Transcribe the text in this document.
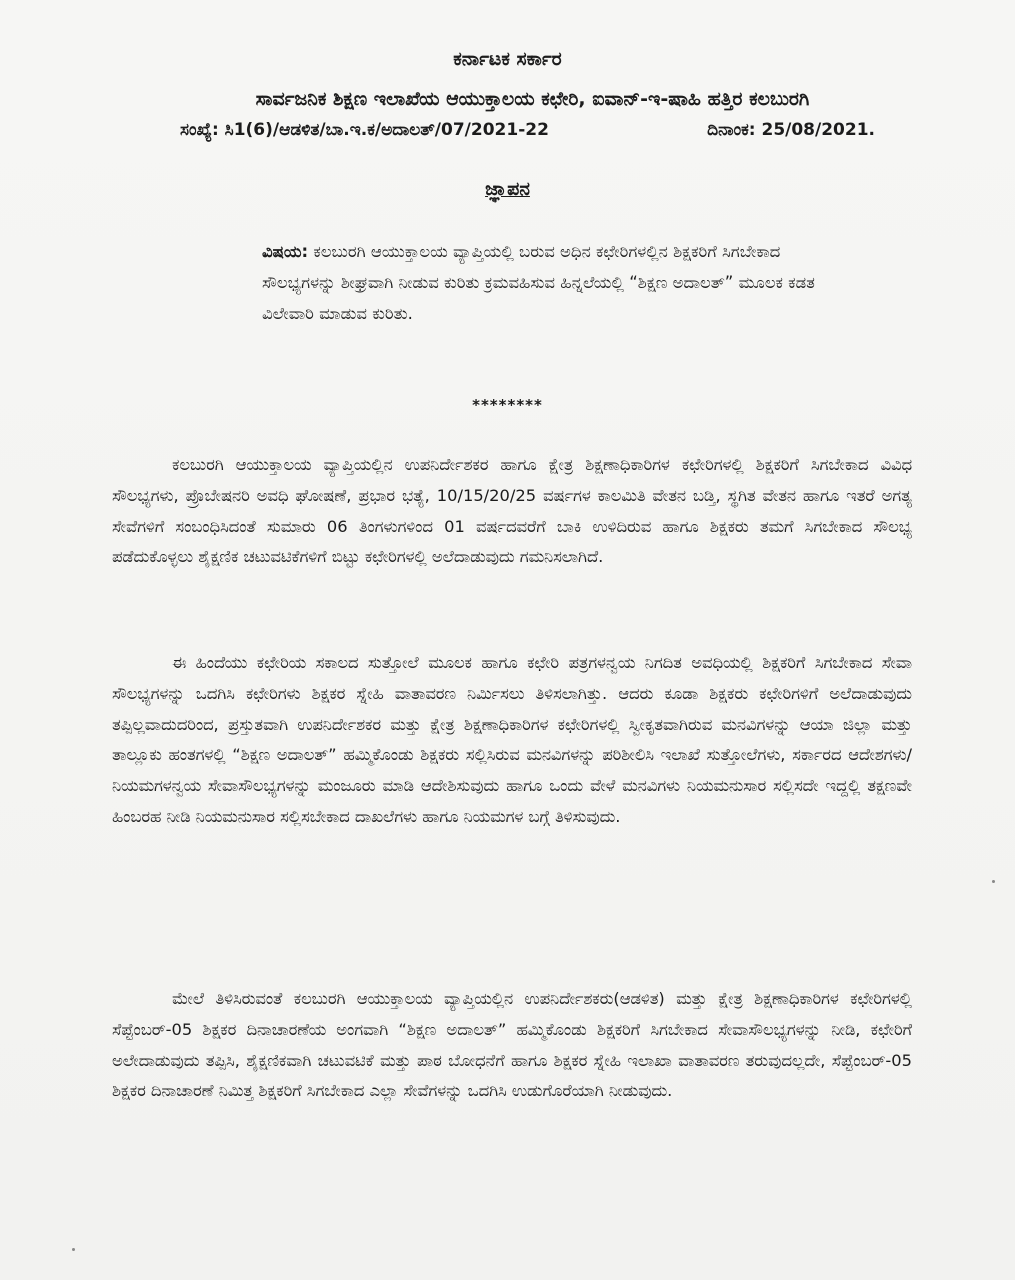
ಕರ್ನಾಟಕ ಸರ್ಕಾರ
ಸಾರ್ವಜನಿಕ ಶಿಕ್ಷಣ ಇಲಾಖೆಯ ಆಯುಕ್ತಾಲಯ ಕಛೇರಿ, ಐವಾನ್-ಇ-ಷಾಹಿ ಹತ್ತಿರ ಕಲಬುರಗಿ
ಸಂಖ್ಯೆ: ಸಿ1(6)/ಆಡಳಿತ/ಬಾ.ಇ.ಕ/ಅದಾಲತ್/07/2021-22	ದಿನಾಂಕ: 25/08/2021.
ಜ್ಞಾಪನ
ವಿಷಯ: ಕಲಬುರಗಿ ಆಯುಕ್ತಾಲಯ ವ್ಯಾಪ್ತಿಯಲ್ಲಿ ಬರುವ ಅಧಿನ ಕಛೇರಿಗಳಲ್ಲಿನ ಶಿಕ್ಷಕರಿಗೆ ಸಿಗಬೇಕಾದ ಸೌಲಭ್ಯಗಳನ್ನು ಶೀಘ್ರವಾಗಿ ನೀಡುವ ಕುರಿತು ಕ್ರಮವಹಿಸುವ ಹಿನ್ನಲೆಯಲ್ಲಿ “ಶಿಕ್ಷಣ ಅದಾಲತ್” ಮೂಲಕ ಕಡತ ವಿಲೇವಾರಿ ಮಾಡುವ ಕುರಿತು.
********
ಕಲಬುರಗಿ ಆಯುಕ್ತಾಲಯ ವ್ಯಾಪ್ತಿಯಲ್ಲಿನ ಉಪನಿರ್ದೇಶಕರ ಹಾಗೂ ಕ್ಷೇತ್ರ ಶಿಕ್ಷಣಾಧಿಕಾರಿಗಳ ಕಛೇರಿಗಳಲ್ಲಿ ಶಿಕ್ಷಕರಿಗೆ ಸಿಗಬೇಕಾದ ವಿವಿಧ ಸೌಲಭ್ಯಗಳು, ಪ್ರೊಬೇಷನರಿ ಅವಧಿ ಘೋಷಣೆ, ಪ್ರಭಾರ ಭತ್ಯೆ, 10/15/20/25 ವರ್ಷಗಳ ಕಾಲಮಿತಿ ವೇತನ ಬಡ್ತಿ, ಸ್ಥಗಿತ ವೇತನ ಹಾಗೂ ಇತರೆ ಅಗತ್ಯ ಸೇವೆಗಳಿಗೆ ಸಂಬಂಧಿಸಿದಂತೆ ಸುಮಾರು 06 ತಿಂಗಳುಗಳಿಂದ 01 ವರ್ಷದವರೆಗೆ ಬಾಕಿ ಉಳಿದಿರುವ ಹಾಗೂ ಶಿಕ್ಷಕರು ತಮಗೆ ಸಿಗಬೇಕಾದ ಸೌಲಭ್ಯ ಪಡೆದುಕೊಳ್ಳಲು ಶೈಕ್ಷಣಿಕ ಚಟುವಟಿಕೆಗಳಿಗೆ ಬಿಟ್ಟು ಕಛೇರಿಗಳಲ್ಲಿ ಅಲೆದಾಡುವುದು ಗಮನಿಸಲಾಗಿದೆ.
ಈ ಹಿಂದೆಯು ಕಛೇರಿಯ ಸಕಾಲದ ಸುತ್ತೋಲೆ ಮೂಲಕ ಹಾಗೂ ಕಛೇರಿ ಪತ್ರಗಳನ್ವಯ ನಿಗದಿತ ಅವಧಿಯಲ್ಲಿ ಶಿಕ್ಷಕರಿಗೆ ಸಿಗಬೇಕಾದ ಸೇವಾ ಸೌಲಭ್ಯಗಳನ್ನು ಒದಗಿಸಿ ಕಛೇರಿಗಳು ಶಿಕ್ಷಕರ ಸ್ನೇಹಿ ವಾತಾವರಣ ನಿರ್ಮಿಸಲು ತಿಳಿಸಲಾಗಿತ್ತು. ಆದರು ಕೂಡಾ ಶಿಕ್ಷಕರು ಕಛೇರಿಗಳಿಗೆ ಅಲೆದಾಡುವುದು ತಪ್ಪಿಲ್ಲವಾದುದರಿಂದ, ಪ್ರಸ್ತುತವಾಗಿ ಉಪನಿರ್ದೇಶಕರ ಮತ್ತು ಕ್ಷೇತ್ರ ಶಿಕ್ಷಣಾಧಿಕಾರಿಗಳ ಕಛೇರಿಗಳಲ್ಲಿ ಸ್ವೀಕೃತವಾಗಿರುವ ಮನವಿಗಳನ್ನು ಆಯಾ ಜಿಲ್ಲಾ ಮತ್ತು ತಾಲ್ಲೂಕು ಹಂತಗಳಲ್ಲಿ “ಶಿಕ್ಷಣ ಅದಾಲತ್” ಹಮ್ಮಿಕೊಂಡು ಶಿಕ್ಷಕರು ಸಲ್ಲಿಸಿರುವ ಮನವಿಗಳನ್ನು ಪರಿಶೀಲಿಸಿ ಇಲಾಖೆ ಸುತ್ತೋಲೆಗಳು, ಸರ್ಕಾರದ ಆದೇಶಗಳು/ ನಿಯಮಗಳನ್ವಯ ಸೇವಾಸೌಲಭ್ಯಗಳನ್ನು ಮಂಜೂರು ಮಾಡಿ ಆದೇಶಿಸುವುದು ಹಾಗೂ ಒಂದು ವೇಳೆ ಮನವಿಗಳು ನಿಯಮನುಸಾರ ಸಲ್ಲಿಸದೇ ಇದ್ದಲ್ಲಿ ತಕ್ಷಣವೇ ಹಿಂಬರಹ ನೀಡಿ ನಿಯಮನುಸಾರ ಸಲ್ಲಿಸಬೇಕಾದ ದಾಖಲೆಗಳು ಹಾಗೂ ನಿಯಮಗಳ ಬಗ್ಗೆ ತಿಳಿಸುವುದು.
ಮೇಲೆ ತಿಳಿಸಿರುವಂತೆ ಕಲಬುರಗಿ ಆಯುಕ್ತಾಲಯ ವ್ಯಾಪ್ತಿಯಲ್ಲಿನ ಉಪನಿರ್ದೇಶಕರು(ಆಡಳಿತ) ಮತ್ತು ಕ್ಷೇತ್ರ ಶಿಕ್ಷಣಾಧಿಕಾರಿಗಳ ಕಛೇರಿಗಳಲ್ಲಿ ಸೆಪ್ಟೆಂಬರ್-05 ಶಿಕ್ಷಕರ ದಿನಾಚಾರಣೆಯ ಅಂಗವಾಗಿ “ಶಿಕ್ಷಣ ಅದಾಲತ್” ಹಮ್ಮಿಕೊಂಡು ಶಿಕ್ಷಕರಿಗೆ ಸಿಗಬೇಕಾದ ಸೇವಾಸೌಲಭ್ಯಗಳನ್ನು ನೀಡಿ, ಕಛೇರಿಗೆ ಅಲೇದಾಡುವುದು ತಪ್ಪಿಸಿ, ಶೈಕ್ಷಣಿಕವಾಗಿ ಚಟುವಟಿಕೆ ಮತ್ತು ಪಾಠ ಬೋಧನೆಗೆ ಹಾಗೂ ಶಿಕ್ಷಕರ ಸ್ನೇಹಿ ಇಲಾಖಾ ವಾತಾವರಣ ತರುವುದಲ್ಲದೇ, ಸೆಪ್ಟೆಂಬರ್-05 ಶಿಕ್ಷಕರ ದಿನಾಚಾರಣೆ ನಿಮಿತ್ತ ಶಿಕ್ಷಕರಿಗೆ ಸಿಗಬೇಕಾದ ಎಲ್ಲಾ ಸೇವೆಗಳನ್ನು ಒದಗಿಸಿ ಉಡುಗೊರೆಯಾಗಿ ನೀಡುವುದು.
